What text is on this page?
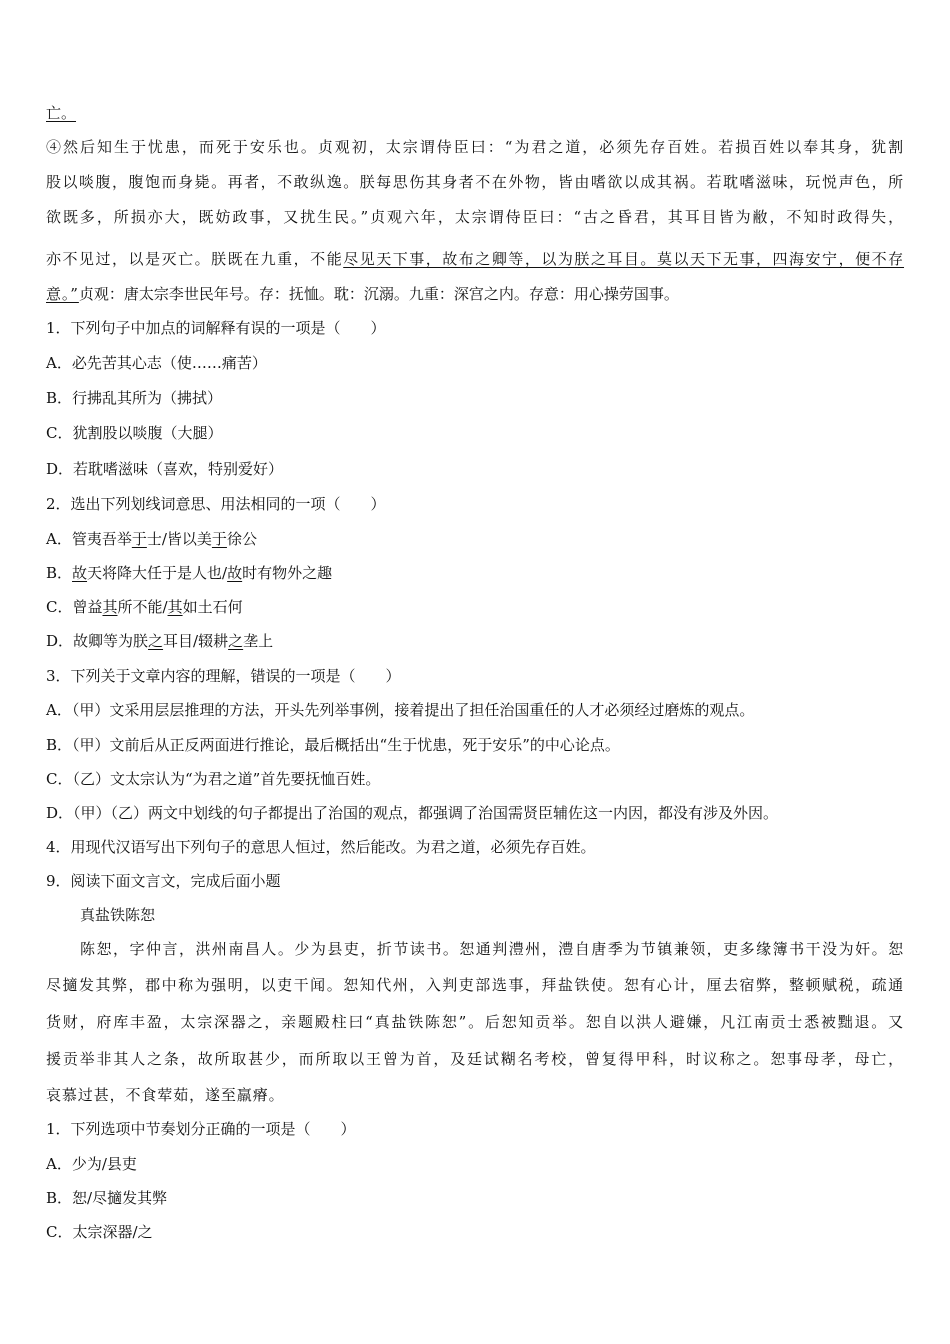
亡。
④然后知生于忧患，而死于安乐也。贞观初，太宗谓侍臣曰：“为君之道，必须先存百姓。若损百姓以奉其身，犹割
股以啖腹，腹饱而身毙。再者，不敢纵逸。朕每思伤其身者不在外物，皆由嗜欲以成其祸。若耽嗜滋味，玩悦声色，所
欲既多，所损亦大，既妨政事，又扰生民。”贞观六年，太宗谓侍臣曰：“古之昏君，其耳目皆为敝，不知时政得失，
亦不见过，以是灭亡。朕既在九重，不能尽见天下事，故布之卿等，以为朕之耳目。莫以天下无事，四海安宁，便不存
意。”贞观：唐太宗李世民年号。存：抚恤。耽：沉溺。九重：深宫之内。存意：用心操劳国事。
1．下列句子中加点的词解释有误的一项是（　　）
A．必先苦其心志（使……痛苦）
B．行拂乱其所为（拂拭）
C．犹割股以啖腹（大腿）
D．若耽嗜滋味（喜欢，特别爱好）
2．选出下列划线词意思、用法相同的一项（　　）
A．管夷吾举于士/皆以美于徐公
B．故天将降大任于是人也/故时有物外之趣
C．曾益其所不能/其如土石何
D．故卿等为朕之耳目/辍耕之垄上
3．下列关于文章内容的理解，错误的一项是（　　）
A．（甲）文采用层层推理的方法，开头先列举事例，接着提出了担任治国重任的人才必须经过磨炼的观点。
B．（甲）文前后从正反两面进行推论，最后概括出“生于忧患，死于安乐”的中心论点。
C．（乙）文太宗认为“为君之道”首先要抚恤百姓。
D．（甲）（乙）两文中划线的句子都提出了治国的观点，都强调了治国需贤臣辅佐这一内因，都没有涉及外因。
4．用现代汉语写出下列句子的意思人恒过，然后能改。为君之道，必须先存百姓。
9．阅读下面文言文，完成后面小题
真盐铁陈恕
陈恕，字仲言，洪州南昌人。少为县吏，折节读书。恕通判澧州，澧自唐季为节镇兼领，吏多缘簿书干没为奸。恕
尽擿发其弊，郡中称为强明，以吏干闻。恕知代州，入判吏部选事，拜盐铁使。恕有心计，厘去宿弊，整顿赋税，疏通
货财，府库丰盈，太宗深器之，亲题殿柱曰“真盐铁陈恕”。后恕知贡举。恕自以洪人避嫌，凡江南贡士悉被黜退。又
援贡举非其人之条，故所取甚少，而所取以王曾为首，及廷试糊名考校，曾复得甲科，时议称之。恕事母孝，母亡，
哀慕过甚，不食荤茹，遂至羸瘠。
1．下列选项中节奏划分正确的一项是（　　）
A．少为/县吏
B．恕/尽擿发其弊
C．太宗深器/之
